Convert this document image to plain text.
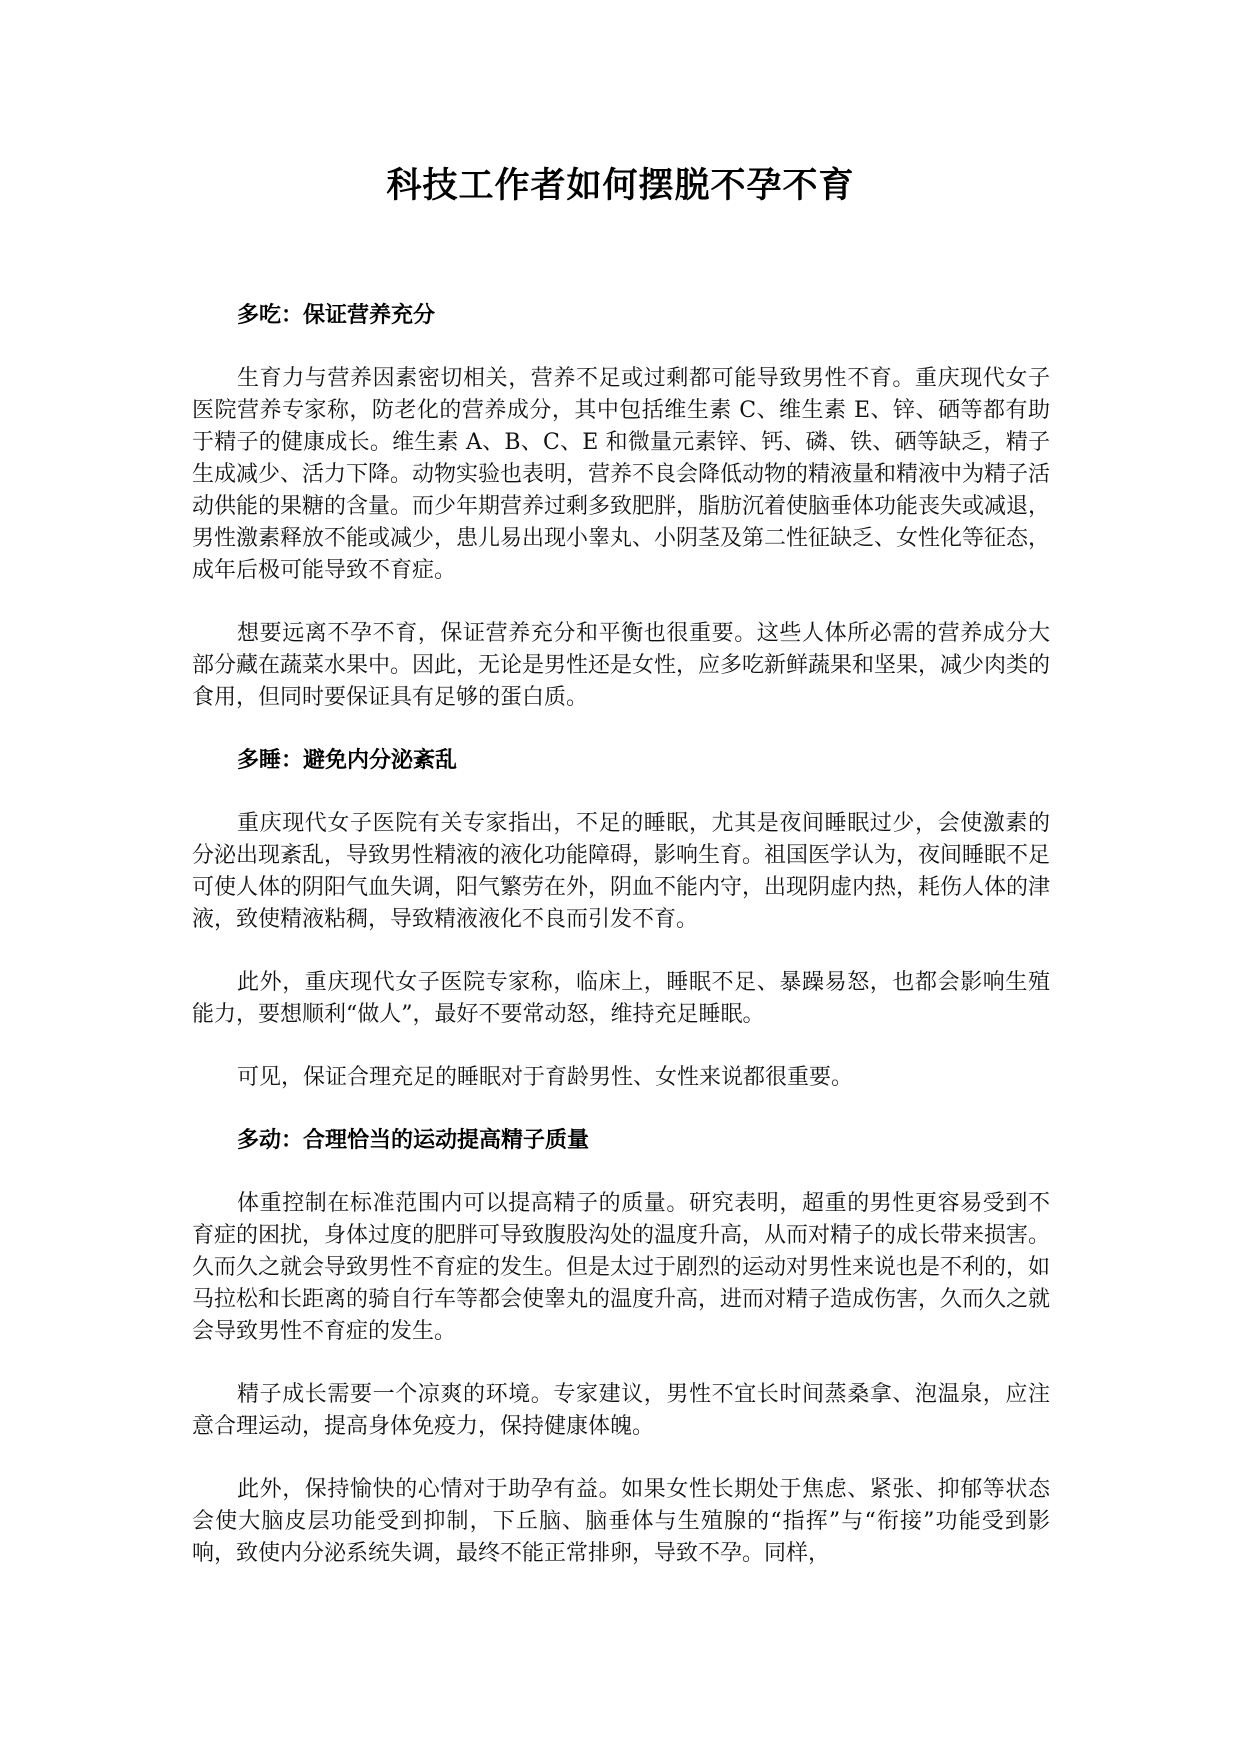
科技工作者如何摆脱不孕不育

多吃：保证营养充分

生育力与营养因素密切相关，营养不足或过剩都可能导致男性不育。重庆现代女子医院营养专家称，防老化的营养成分，其中包括维生素 C、维生素 E、锌、硒等都有助于精子的健康成长。维生素 A、B、C、E 和微量元素锌、钙、磷、铁、硒等缺乏，精子生成减少、活力下降。动物实验也表明，营养不良会降低动物的精液量和精液中为精子活动供能的果糖的含量。而少年期营养过剩多致肥胖，脂肪沉着使脑垂体功能丧失或减退，男性激素释放不能或减少，患儿易出现小睾丸、小阴茎及第二性征缺乏、女性化等征态，成年后极可能导致不育症。

想要远离不孕不育，保证营养充分和平衡也很重要。这些人体所必需的营养成分大部分藏在蔬菜水果中。因此，无论是男性还是女性，应多吃新鲜蔬果和坚果，减少肉类的食用，但同时要保证具有足够的蛋白质。

多睡：避免内分泌紊乱

重庆现代女子医院有关专家指出，不足的睡眠，尤其是夜间睡眠过少，会使激素的分泌出现紊乱，导致男性精液的液化功能障碍，影响生育。祖国医学认为，夜间睡眠不足可使人体的阴阳气血失调，阳气繁劳在外，阴血不能内守，出现阴虚内热，耗伤人体的津液，致使精液粘稠，导致精液液化不良而引发不育。

此外，重庆现代女子医院专家称，临床上，睡眠不足、暴躁易怒，也都会影响生殖能力，要想顺利“做人”，最好不要常动怒，维持充足睡眠。

可见，保证合理充足的睡眠对于育龄男性、女性来说都很重要。

多动：合理恰当的运动提高精子质量

体重控制在标准范围内可以提高精子的质量。研究表明，超重的男性更容易受到不育症的困扰，身体过度的肥胖可导致腹股沟处的温度升高，从而对精子的成长带来损害。久而久之就会导致男性不育症的发生。但是太过于剧烈的运动对男性来说也是不利的，如马拉松和长距离的骑自行车等都会使睾丸的温度升高，进而对精子造成伤害，久而久之就会导致男性不育症的发生。

精子成长需要一个凉爽的环境。专家建议，男性不宜长时间蒸桑拿、泡温泉，应注意合理运动，提高身体免疫力，保持健康体魄。

此外，保持愉快的心情对于助孕有益。如果女性长期处于焦虑、紧张、抑郁等状态会使大脑皮层功能受到抑制，下丘脑、脑垂体与生殖腺的“指挥”与“衔接”功能受到影响，致使内分泌系统失调，最终不能正常排卵，导致不孕。同样，
